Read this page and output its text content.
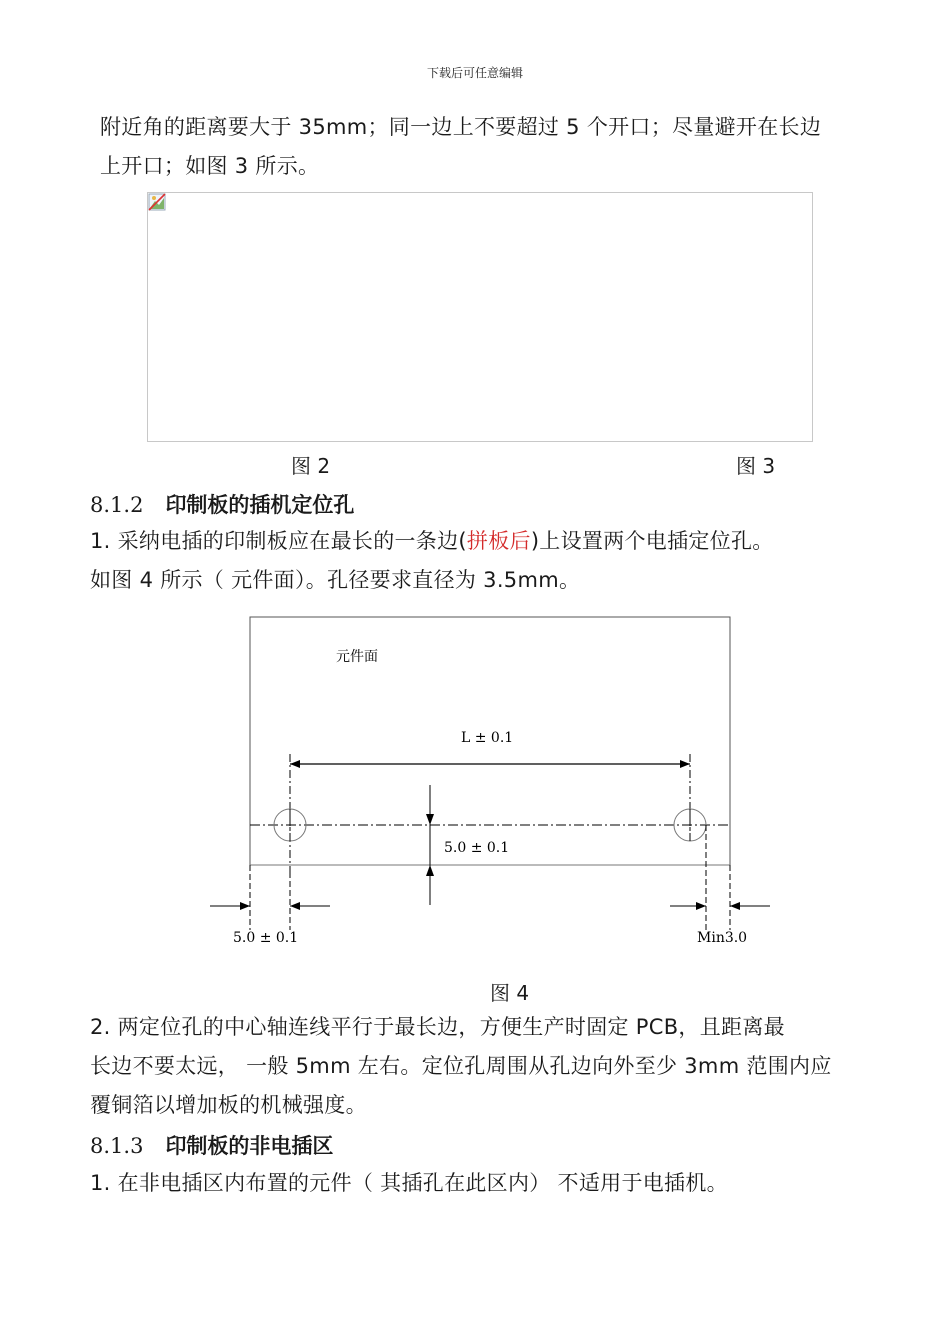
下载后可任意编辑
附近角的距离要大于 35mm；同一边上不要超过 5 个开口；尽量避开在长边
上开口；如图 3 所示。
图 2	图 3
8.1.2 印制板的插机定位孔
1. 采纳电插的印制板应在最长的一条边(拼板后)上设置两个电插定位孔。
如图 4 所示（ 元件面）。孔径要求直径为 3.5mm。
元件面
L ± 0.1
5.0 ± 0.1
5.0 ± 0.1	Min3.0
图 4
2. 两定位孔的中心轴连线平行于最长边，方便生产时固定 PCB，且距离最
长边不要太远， 一般 5mm 左右。定位孔周围从孔边向外至少 3mm 范围内应
覆铜箔以增加板的机械强度。
8.1.3 印制板的非电插区
1. 在非电插区内布置的元件（ 其插孔在此区内） 不适用于电插机。
